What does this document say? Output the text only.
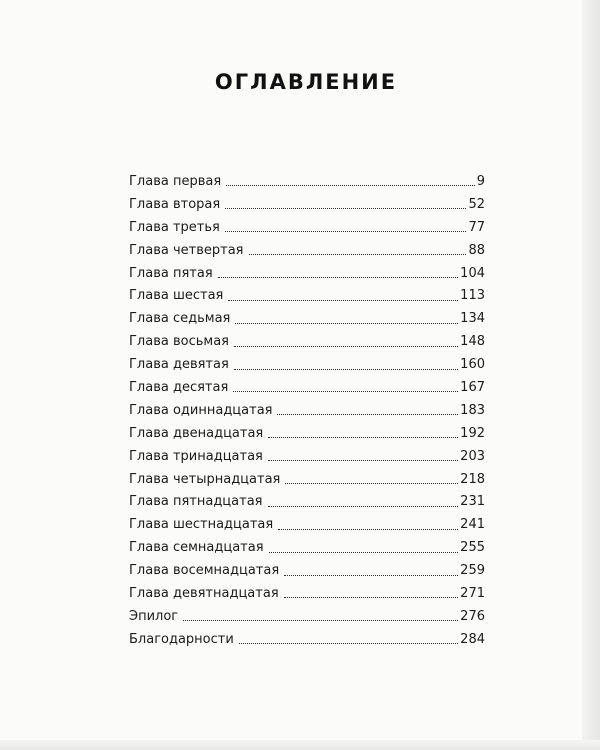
ОГЛАВЛЕНИЕ
Глава первая	9
Глава вторая	52
Глава третья	77
Глава четвертая	88
Глава пятая	104
Глава шестая	113
Глава седьмая	134
Глава восьмая	148
Глава девятая	160
Глава десятая	167
Глава одиннадцатая	183
Глава двенадцатая	192
Глава тринадцатая	203
Глава четырнадцатая	218
Глава пятнадцатая	231
Глава шестнадцатая	241
Глава семнадцатая	255
Глава восемнадцатая	259
Глава девятнадцатая	271
Эпилог	276
Благодарности	284
